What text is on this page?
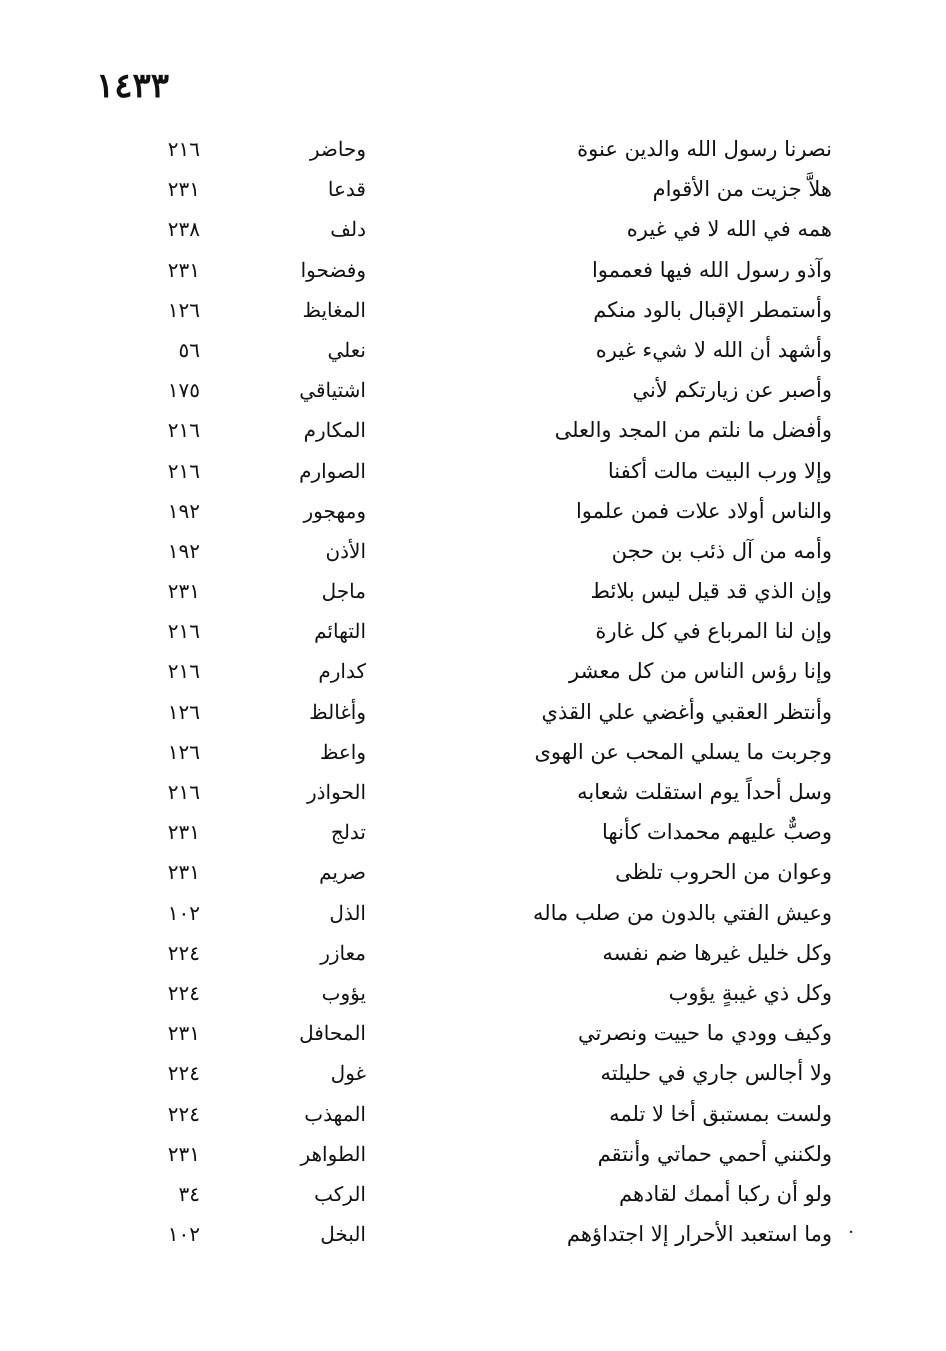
١٤٣٣
نصرنا رسول الله والدين عنوة
وحاضر
٢١٦
هلاَّ جزيت من الأقوام
قدعا
٢٣١
همه في الله لا في غيره
دلف
٢٣٨
وآذو رسول الله فيها فعمموا
وفضحوا
٢٣١
وأستمطر الإقبال بالود منكم
المغايظ
١٢٦
وأشهد أن الله لا شيء غيره
نعلي
٥٦
وأصبر عن زيارتكم لأني
اشتياقي
١٧٥
وأفضل ما نلتم من المجد والعلى
المكارم
٢١٦
وإلا ورب البيت مالت أكفنا
الصوارم
٢١٦
والناس أولاد علات فمن علموا
ومهجور
١٩٢
وأمه من آل ذئب بن حجن
الأذن
١٩٢
وإن الذي قد قيل ليس بلائط
ماجل
٢٣١
وإن لنا المرباع في كل غارة
التهائم
٢١٦
وإنا رؤس الناس من كل معشر
كدارم
٢١٦
وأنتظر العقبي وأغضي علي القذي
وأغالظ
١٢٦
وجربت ما يسلي المحب عن الهوى
واعظ
١٢٦
وسل أحداً يوم استقلت شعابه
الحواذر
٢١٦
وصبٌّ عليهم محمدات كأنها
تدلج
٢٣١
وعوان من الحروب تلظى
صريم
٢٣١
وعيش الفتي بالدون من صلب ماله
الذل
١٠٢
وكل خليل غيرها ضم نفسه
معازر
٢٢٤
وكل ذي غيبةٍ يؤوب
يؤوب
٢٢٤
وكيف وودي ما حييت ونصرتي
المحافل
٢٣١
ولا أجالس جاري في حليلته
غول
٢٢٤
ولست بمستبق أخا لا تلمه
المهذب
٢٢٤
ولكنني أحمي حماتي وأنتقم
الطواهر
٢٣١
ولو أن ركبا أممك لقادهم
الركب
٣٤
·
وما استعبد الأحرار إلا اجتداؤهم
البخل
١٠٢
